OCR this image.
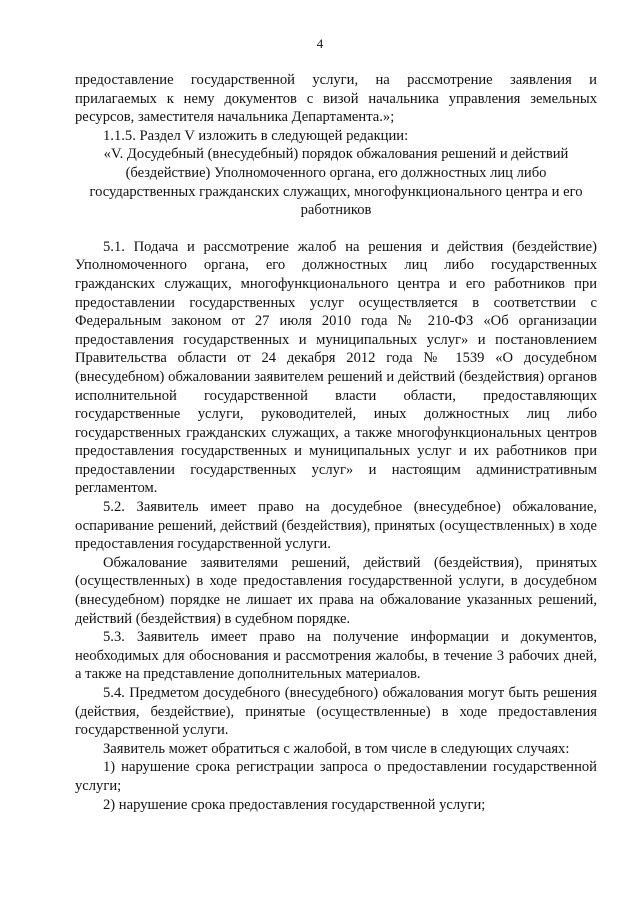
4

предоставление государственной услуги, на рассмотрение заявления и прилагаемых к нему документов с визой начальника управления земельных ресурсов, заместителя начальника Департамента.»;

1.1.5. Раздел V изложить в следующей редакции:

«V. Досудебный (внесудебный) порядок обжалования решений и действий (бездействие) Уполномоченного органа, его должностных лиц либо государственных гражданских служащих, многофункционального центра и его работников

5.1. Подача и рассмотрение жалоб на решения и действия (бездействие) Уполномоченного органа, его должностных лиц либо государственных гражданских служащих, многофункционального центра и его работников при предоставлении государственных услуг осуществляется в соответствии с Федеральным законом от 27 июля 2010 года № 210-ФЗ «Об организации предоставления государственных и муниципальных услуг» и постановлением Правительства области от 24 декабря 2012 года № 1539 «О досудебном (внесудебном) обжаловании заявителем решений и действий (бездействия) органов исполнительной государственной власти области, предоставляющих государственные услуги, руководителей, иных должностных лиц либо государственных гражданских служащих, а также многофункциональных центров предоставления государственных и муниципальных услуг и их работников при предоставлении государственных услуг» и настоящим административным регламентом.

5.2. Заявитель имеет право на досудебное (внесудебное) обжалование, оспаривание решений, действий (бездействия), принятых (осуществленных) в ходе предоставления государственной услуги.

Обжалование заявителями решений, действий (бездействия), принятых (осуществленных) в ходе предоставления государственной услуги, в досудебном (внесудебном) порядке не лишает их права на обжалование указанных решений, действий (бездействия) в судебном порядке.

5.3. Заявитель имеет право на получение информации и документов, необходимых для обоснования и рассмотрения жалобы, в течение 3 рабочих дней, а также на представление дополнительных материалов.

5.4. Предметом досудебного (внесудебного) обжалования могут быть решения (действия, бездействие), принятые (осуществленные) в ходе предоставления государственной услуги.

Заявитель может обратиться с жалобой, в том числе в следующих случаях:

1) нарушение срока регистрации запроса о предоставлении государственной услуги;

2) нарушение срока предоставления государственной услуги;
